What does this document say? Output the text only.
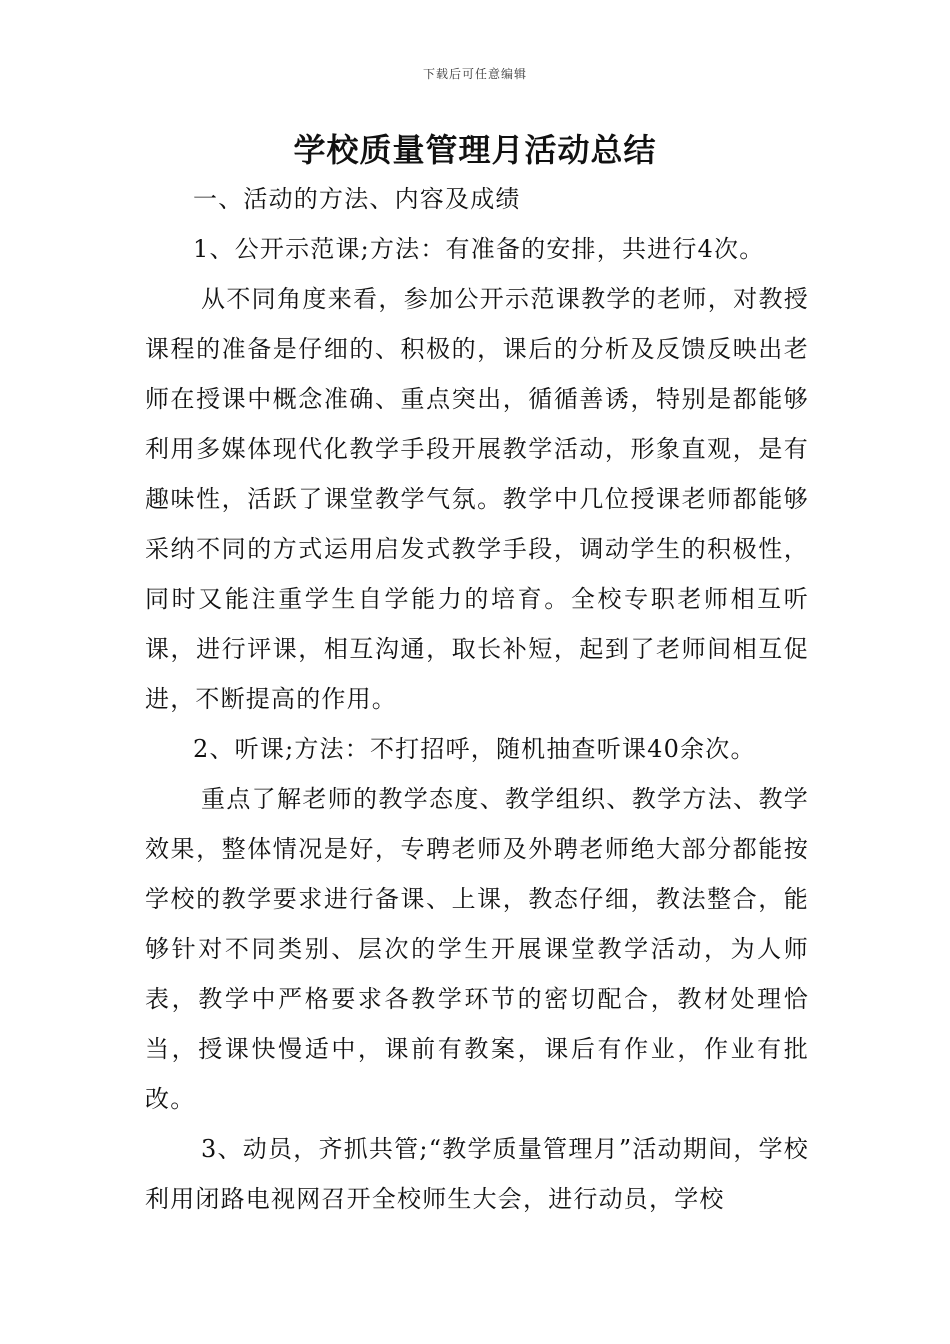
下载后可任意编辑
学校质量管理月活动总结

一、活动的方法、内容及成绩

1、公开示范课;方法：有准备的安排，共进行4次。

从不同角度来看，参加公开示范课教学的老师，对教授课程的准备是仔细的、积极的，课后的分析及反馈反映出老师在授课中概念准确、重点突出，循循善诱，特别是都能够利用多媒体现代化教学手段开展教学活动，形象直观，是有趣味性，活跃了课堂教学气氛。教学中几位授课老师都能够采纳不同的方式运用启发式教学手段，调动学生的积极性，同时又能注重学生自学能力的培育。全校专职老师相互听课，进行评课，相互沟通，取长补短，起到了老师间相互促进，不断提高的作用。

2、听课;方法：不打招呼，随机抽查听课40余次。

重点了解老师的教学态度、教学组织、教学方法、教学效果，整体情况是好，专聘老师及外聘老师绝大部分都能按学校的教学要求进行备课、上课，教态仔细，教法整合，能够针对不同类别、层次的学生开展课堂教学活动，为人师表，教学中严格要求各教学环节的密切配合，教材处理恰当，授课快慢适中，课前有教案，课后有作业，作业有批改。

3、动员，齐抓共管;“教学质量管理月”活动期间，学校利用闭路电视网召开全校师生大会，进行动员，学校
